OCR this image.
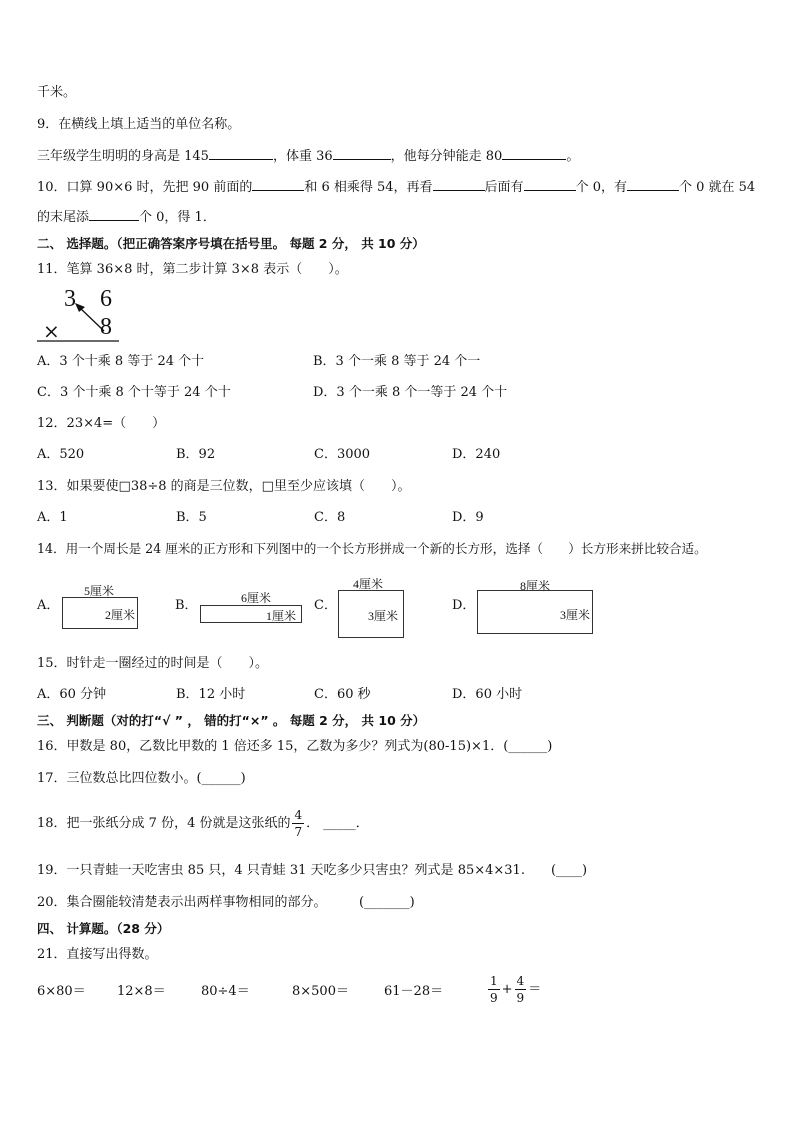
千米。
9．在横线上填上适当的单位名称。
三年级学生明明的身高是 145	，体重 36	，他每分钟能走 80	。
10．口算 90×6 时，先把 90 前面的	和 6 相乘得 54，再看	后面有	个 0，有	个 0 就在 54
的末尾添	个 0，得 1．
二、 选择题。（把正确答案序号填在括号里。 每题 2 分， 共 10 分）
11．笔算 36×8 时，第二步计算 3×8 表示（　　）。
3 6
× 8
A．3 个十乘 8 等于 24 个十	B．3 个一乘 8 等于 24 个一
C．3 个十乘 8 个十等于 24 个十	D．3 个一乘 8 个一等于 24 个十
12．23×4=（　　）
A．520	B．92	C．3000	D．240
13．如果要使□38÷8 的商是三位数，□里至少应该填（　　）。
A．1	B．5	C．8	D．9
14．用一个周长是 24 厘米的正方形和下列图中的一个长方形拼成一个新的长方形，选择（　　）长方形来拼比较合适。
A．
5厘米
2厘米
B．	6厘米
1厘米
C．
4厘米
3厘米
D．
8厘米
3厘米
15．时针走一圈经过的时间是（　　）。
A．60 分钟	B．12 小时	C．60 秒	D．60 小时
三、 判断题（对的打“√ ” ， 错的打“×” 。 每题 2 分， 共 10 分）
16．甲数是 80，乙数比甲数的 1 倍还多 15，乙数为多少？列式为(80-15)×1．(______)
17．三位数总比四位数小。(______)
18．把一张纸分成 7 份，4 份就是这张纸的 $\frac{4}{7}$ ． _____．
19．一只青蛙一天吃害虫 85 只，4 只青蛙 31 天吃多少只害虫？列式是 85×4×31.　　(____)
20．集合圈能较清楚表示出两样事物相同的部分。　　　(_______)
四、 计算题。（28 分）
21．直接写出得数。
6×80＝ 12×8＝	80÷4＝	8×500＝	61－28＝	$\frac{1}{9} + \frac{4}{9}$ ＝
